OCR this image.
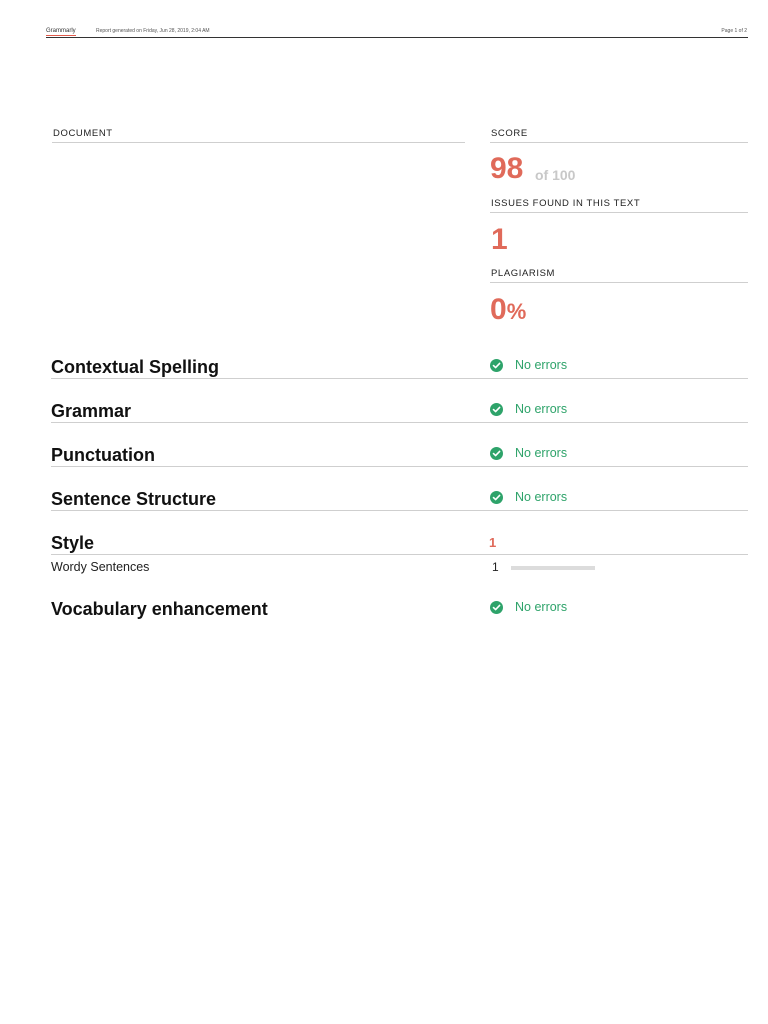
Grammarly	Report generated on Friday, Jun 28, 2019, 2:04 AM	Page 1 of 2
DOCUMENT	SCORE
98 of 100
ISSUES FOUND IN THIS TEXT
1
PLAGIARISM
0%
Contextual Spelling	No errors
Grammar	No errors
Punctuation	No errors
Sentence Structure	No errors
Style	1
Wordy Sentences	1
Vocabulary enhancement	No errors
